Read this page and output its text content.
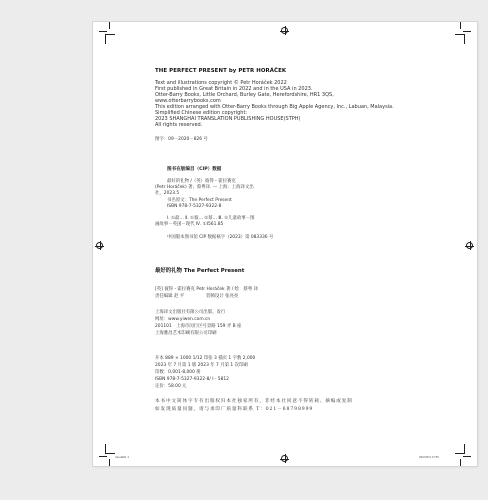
THE PERFECT PRESENT by PETR HORÁČEK
Text and illustrations copyright © Petr Horáček 2022
First published in Great Britain in 2022 and in the USA in 2023.
Otter-Barry Books, Little Orchard, Burley Gate, Herefordshire, HR1 3QS,
www.otterbarrybooks.com
This edition arranged with Otter-Barry Books through Big Apple Agency, Inc., Labuan, Malaysia.
Simplified Chinese edition copyright:
2023 SHANGHAI TRANSLATION PUBLISHING HOUSE(STPH)
All rights reserved.
图字：09－2020－826 号
图书在版编目（CIP）数据
最好的礼物 /（英）彼得・霍拉赛克
(Petr Horáček) 著；蔡粤译. — 上海：上海译文出
社，2023.5
书名原文：The Perfect Present
ISBN 978-7-5327-9322-8
Ⅰ. ①最… Ⅱ. ①彼… ②蔡… Ⅲ. ①儿童故事－图
画故事－英国－现代 Ⅳ. ①I561.85
中国版本图书馆 CIP 数据核字（2023）第 083336 号
最好的礼物 The Perfect Present
[英] 彼得・霍拉赛克 Petr Horáček 著 / 绘　蔡粤 译
责任编辑 赵 平　　　　　装帧设计 张亮亮
上海译文出版社有限公司出版、发行
网址：www.yiwen.com.cn
201101　上海市闵行区号景路 159 弄 B 座
上海雅昌艺术印刷有限公司印刷
开本 889 × 1000 1/12 印张 3 插页 1 字数 2,000
2023 年 7 月第 1 版 2023 年 7 月第 1 次印刷
印数：0,001-8,000 册
ISBN 978-7-5327-9322-8/ I · 5812
定价：58.00 元
本书中文简体字专有出版权归本社独家所有，非经本社同意不得转载、摘编或复制
如发现质量问题，请与承印厂质量科联系 T：021－68798999
Inpute01 1	2023/5/4 17:55
